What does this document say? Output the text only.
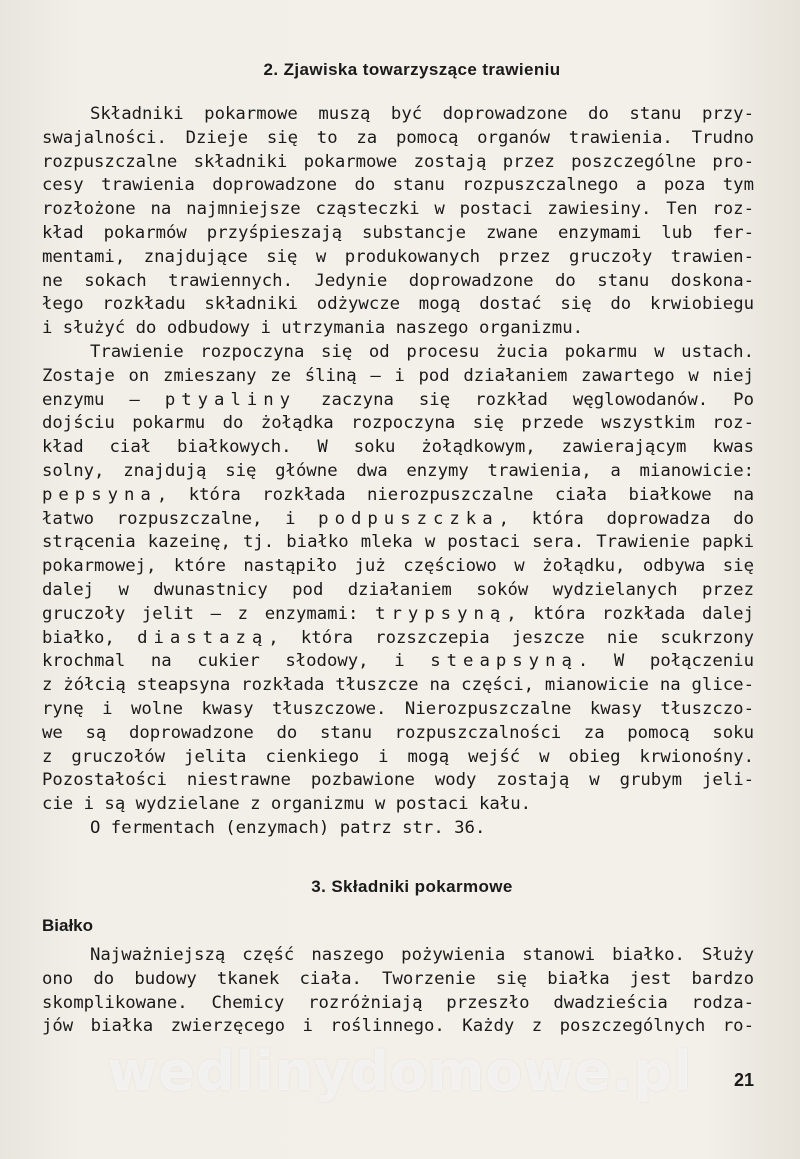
2. Zjawiska towarzyszące trawieniu
Składniki pokarmowe muszą być doprowadzone do stanu przy-
swajalności. Dzieje się to za pomocą organów trawienia. Trudno
rozpuszczalne składniki pokarmowe zostają przez poszczególne pro-
cesy trawienia doprowadzone do stanu rozpuszczalnego a poza tym
rozłożone na najmniejsze cząsteczki w postaci zawiesiny. Ten roz-
kład pokarmów przyśpieszają substancje zwane enzymami lub fer-
mentami, znajdujące się w produkowanych przez gruczoły trawien-
ne sokach trawiennych. Jedynie doprowadzone do stanu doskona-
łego rozkładu składniki odżywcze mogą dostać się do krwiobiegu
i służyć do odbudowy i utrzymania naszego organizmu.
Trawienie rozpoczyna się od procesu żucia pokarmu w ustach.
Zostaje on zmieszany ze śliną — i pod działaniem zawartego w niej
enzymu — ptyaliny zaczyna się rozkład węglowodanów. Po
dojściu pokarmu do żołądka rozpoczyna się przede wszystkim roz-
kład ciał białkowych. W soku żołądkowym, zawierającym kwas
solny, znajdują się główne dwa enzymy trawienia, a mianowicie:
pepsyna, która rozkłada nierozpuszczalne ciała białkowe na
łatwo rozpuszczalne, i podpuszczka, która doprowadza do
strącenia kazeinę, tj. białko mleka w postaci sera. Trawienie papki
pokarmowej, które nastąpiło już częściowo w żołądku, odbywa się
dalej w dwunastnicy pod działaniem soków wydzielanych przez
gruczoły jelit — z enzymami: trypsyną, która rozkłada dalej
białko, diastazą, która rozszczepia jeszcze nie scukrzony
krochmal na cukier słodowy, i steapsyną. W połączeniu
z żółcią steapsyna rozkłada tłuszcze na części, mianowicie na glice-
rynę i wolne kwasy tłuszczowe. Nierozpuszczalne kwasy tłuszczo-
we są doprowadzone do stanu rozpuszczalności za pomocą soku
z gruczołów jelita cienkiego i mogą wejść w obieg krwionośny.
Pozostałości niestrawne pozbawione wody zostają w grubym jeli-
cie i są wydzielane z organizmu w postaci kału.
O fermentach (enzymach) patrz str. 36.
3. Składniki pokarmowe
Białko
Najważniejszą część naszego pożywienia stanowi białko. Służy
ono do budowy tkanek ciała. Tworzenie się białka jest bardzo
skomplikowane. Chemicy rozróżniają przeszło dwadzieścia rodza-
jów białka zwierzęcego i roślinnego. Każdy z poszczególnych ro-
wedlinydomowe.pl	21
